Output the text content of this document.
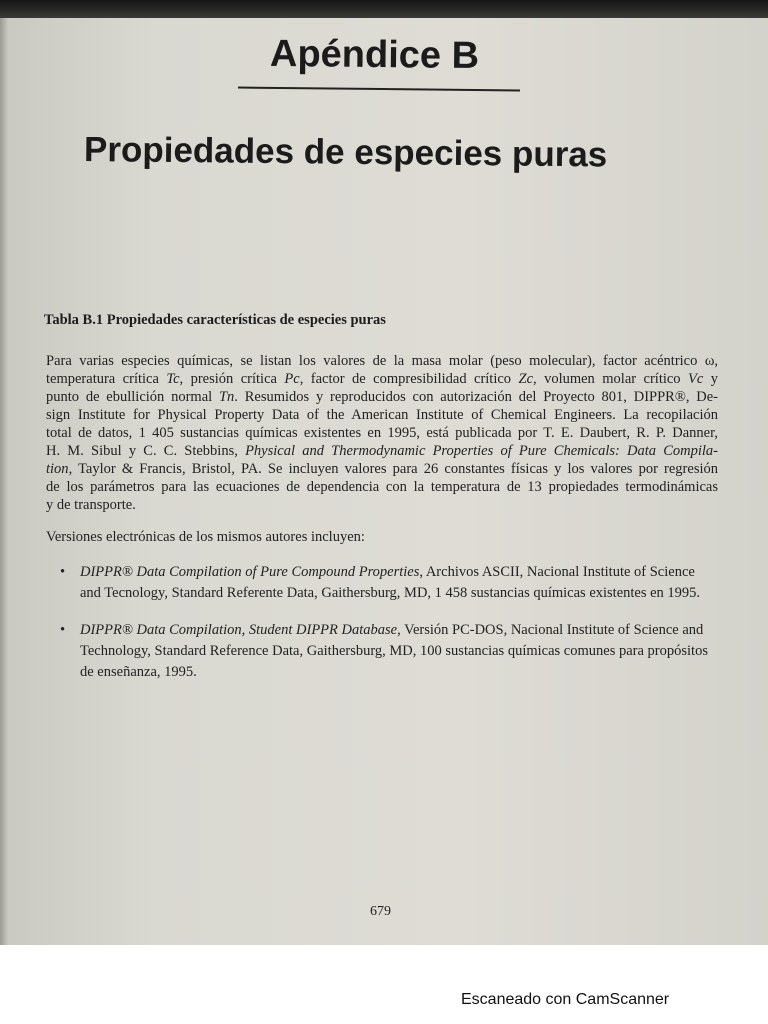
Apéndice B
Propiedades de especies puras
Tabla B.1 Propiedades características de especies puras
Para varias especies químicas, se listan los valores de la masa molar (peso molecular), factor acéntrico ω,
temperatura crítica Tc, presión crítica Pc, factor de compresibilidad crítico Zc, volumen molar crítico Vc y
punto de ebullición normal Tn. Resumidos y reproducidos con autorización del Proyecto 801, DIPPR®, De-
sign Institute for Physical Property Data of the American Institute of Chemical Engineers. La recopilación
total de datos, 1 405 sustancias químicas existentes en 1995, está publicada por T. E. Daubert, R. P. Danner,
H. M. Sibul y C. C. Stebbins, Physical and Thermodynamic Properties of Pure Chemicals: Data Compila-
tion, Taylor & Francis, Bristol, PA. Se incluyen valores para 26 constantes físicas y los valores por regresión
de los parámetros para las ecuaciones de dependencia con la temperatura de 13 propiedades termodinámicas
y de transporte.
Versiones electrónicas de los mismos autores incluyen:
•	DIPPR® Data Compilation of Pure Compound Properties, Archivos ASCII, Nacional Institute of Science and Tecnology, Standard Referente Data, Gaithersburg, MD, 1 458 sustancias químicas existentes en 1995.
•	DIPPR® Data Compilation, Student DIPPR Database, Versión PC-DOS, Nacional Institute of Science and Technology, Standard Reference Data, Gaithersburg, MD, 100 sustancias químicas comunes para propósitos de enseñanza, 1995.
679
Escaneado con CamScanner
